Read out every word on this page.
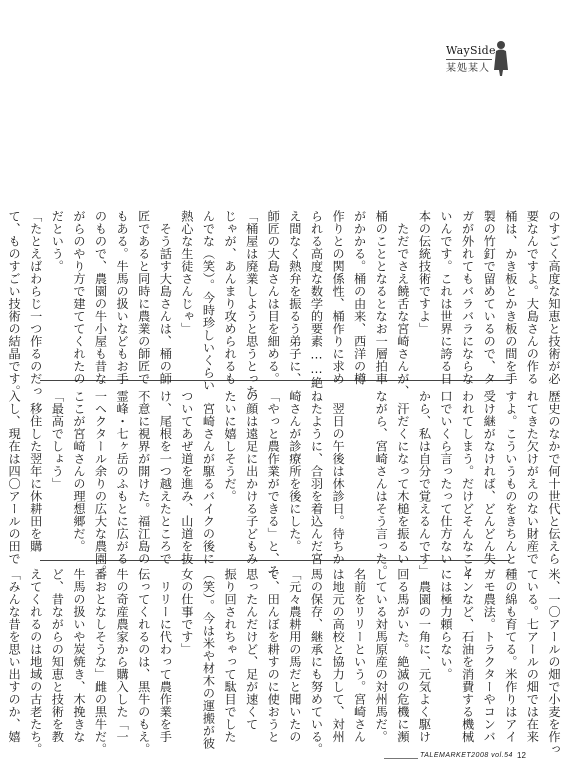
WaySide
某処某人
米、一〇アールの畑で小麦を作っ
ている。七アールの畑では在来
種の綿も育てる。米作りはアイ
ガモ農法。トラクターやコンバ
インなど、石油を消費する機械
には極力頼らない。
　農園の一角に、元気よく駆け
回る馬がいた。絶滅の危機に瀕
している対馬原産の対州馬だ。
名前をリリーという。宮崎さん
は地元の高校と協力して、対州
馬の保存、継承にも努めている。
「元々農耕用の馬だと聞いたの
で、田んぼを耕すのに使おうと
思ったんだけど、足が速くて
振り回されちゃって駄目でした
（笑）。今は米や材木の運搬が彼
女の仕事です」
　リリーに代わって農作業を手
伝ってくれるのは、黒牛のもえ。
牛の奇産農家から購入した「一
番おとなしそうな」雌の黒牛だ。
牛馬の扱いや炭焼き、木挽きな
ど、昔ながらの知恵と技術を教
えてくれるのは地域の古老たち。
「みんな昔を思い出すのか、嬉
歴史のなかで何十世代と伝えら
れてきた欠けがえのない財産で
すよ。こういうものをきちんと
受け継がなければ、どんどん失
われてしまう。だけどそんなこと
口でいくら言ったって仕方ない
から、私は自分で覚えるんです」
　汗だくになって木槌を振るい
ながら、宮崎さんはそう言った。
　翌日の午後は休診日。待ちか
ねたように、合羽を着込んだ宮
崎さんが診療所を後にした。
「やっと農作業ができる」と、そ
の顔は遠足に出かける子どもみ
たいに嬉しそうだ。
　宮崎さんが駆るバイクの後に
ついてあぜ道を進み、山道を抜
け、尾根を一つ越えたところで
不意に視界が開けた。福江島の
霊峰・七ヶ岳のふもとに広がる
一ヘクタール余りの広大な農園。
ここが宮崎さんの理想郷だ。
「最高でしょう」
　移住した翌年に休耕田を購
入し、現在は四〇アールの田で
のすごく高度な知恵と技術が必
要なんですよ。大島さんの作る
桶は、かき板とかき板の間を手
製の竹釘で留めているので、タ
ガが外れてもバラバラにならな
いんです。これは世界に誇る日
本の伝統技術ですよ」
　ただでさえ饒舌な宮崎さんが、
桶のこととなるとなお一層拍車
がかかる。桶の由来、西洋の樽
作りとの関係性、桶作りに求め
られる高度な数学的要素……絶
え間なく熱弁を振るう弟子に、
師匠の大島さんは目を細める。
「桶屋は廃業しようと思うとった
じゃが、あんまり攻められるも
んでな（笑）。今時珍しいくらい
熱心な生徒さんじゃ」
　そう話す大島さんは、桶の師
匠であると同時に農業の師匠で
もある。牛馬の扱いなどもお手
のもので、農園の牛小屋も昔な
がらのやり方で建ててくれたの
だという。
「たとえばわらじ一つ作るのだっ
て、ものすごい技術の結晶です。
TALEMARKET2008 vol.54 12
